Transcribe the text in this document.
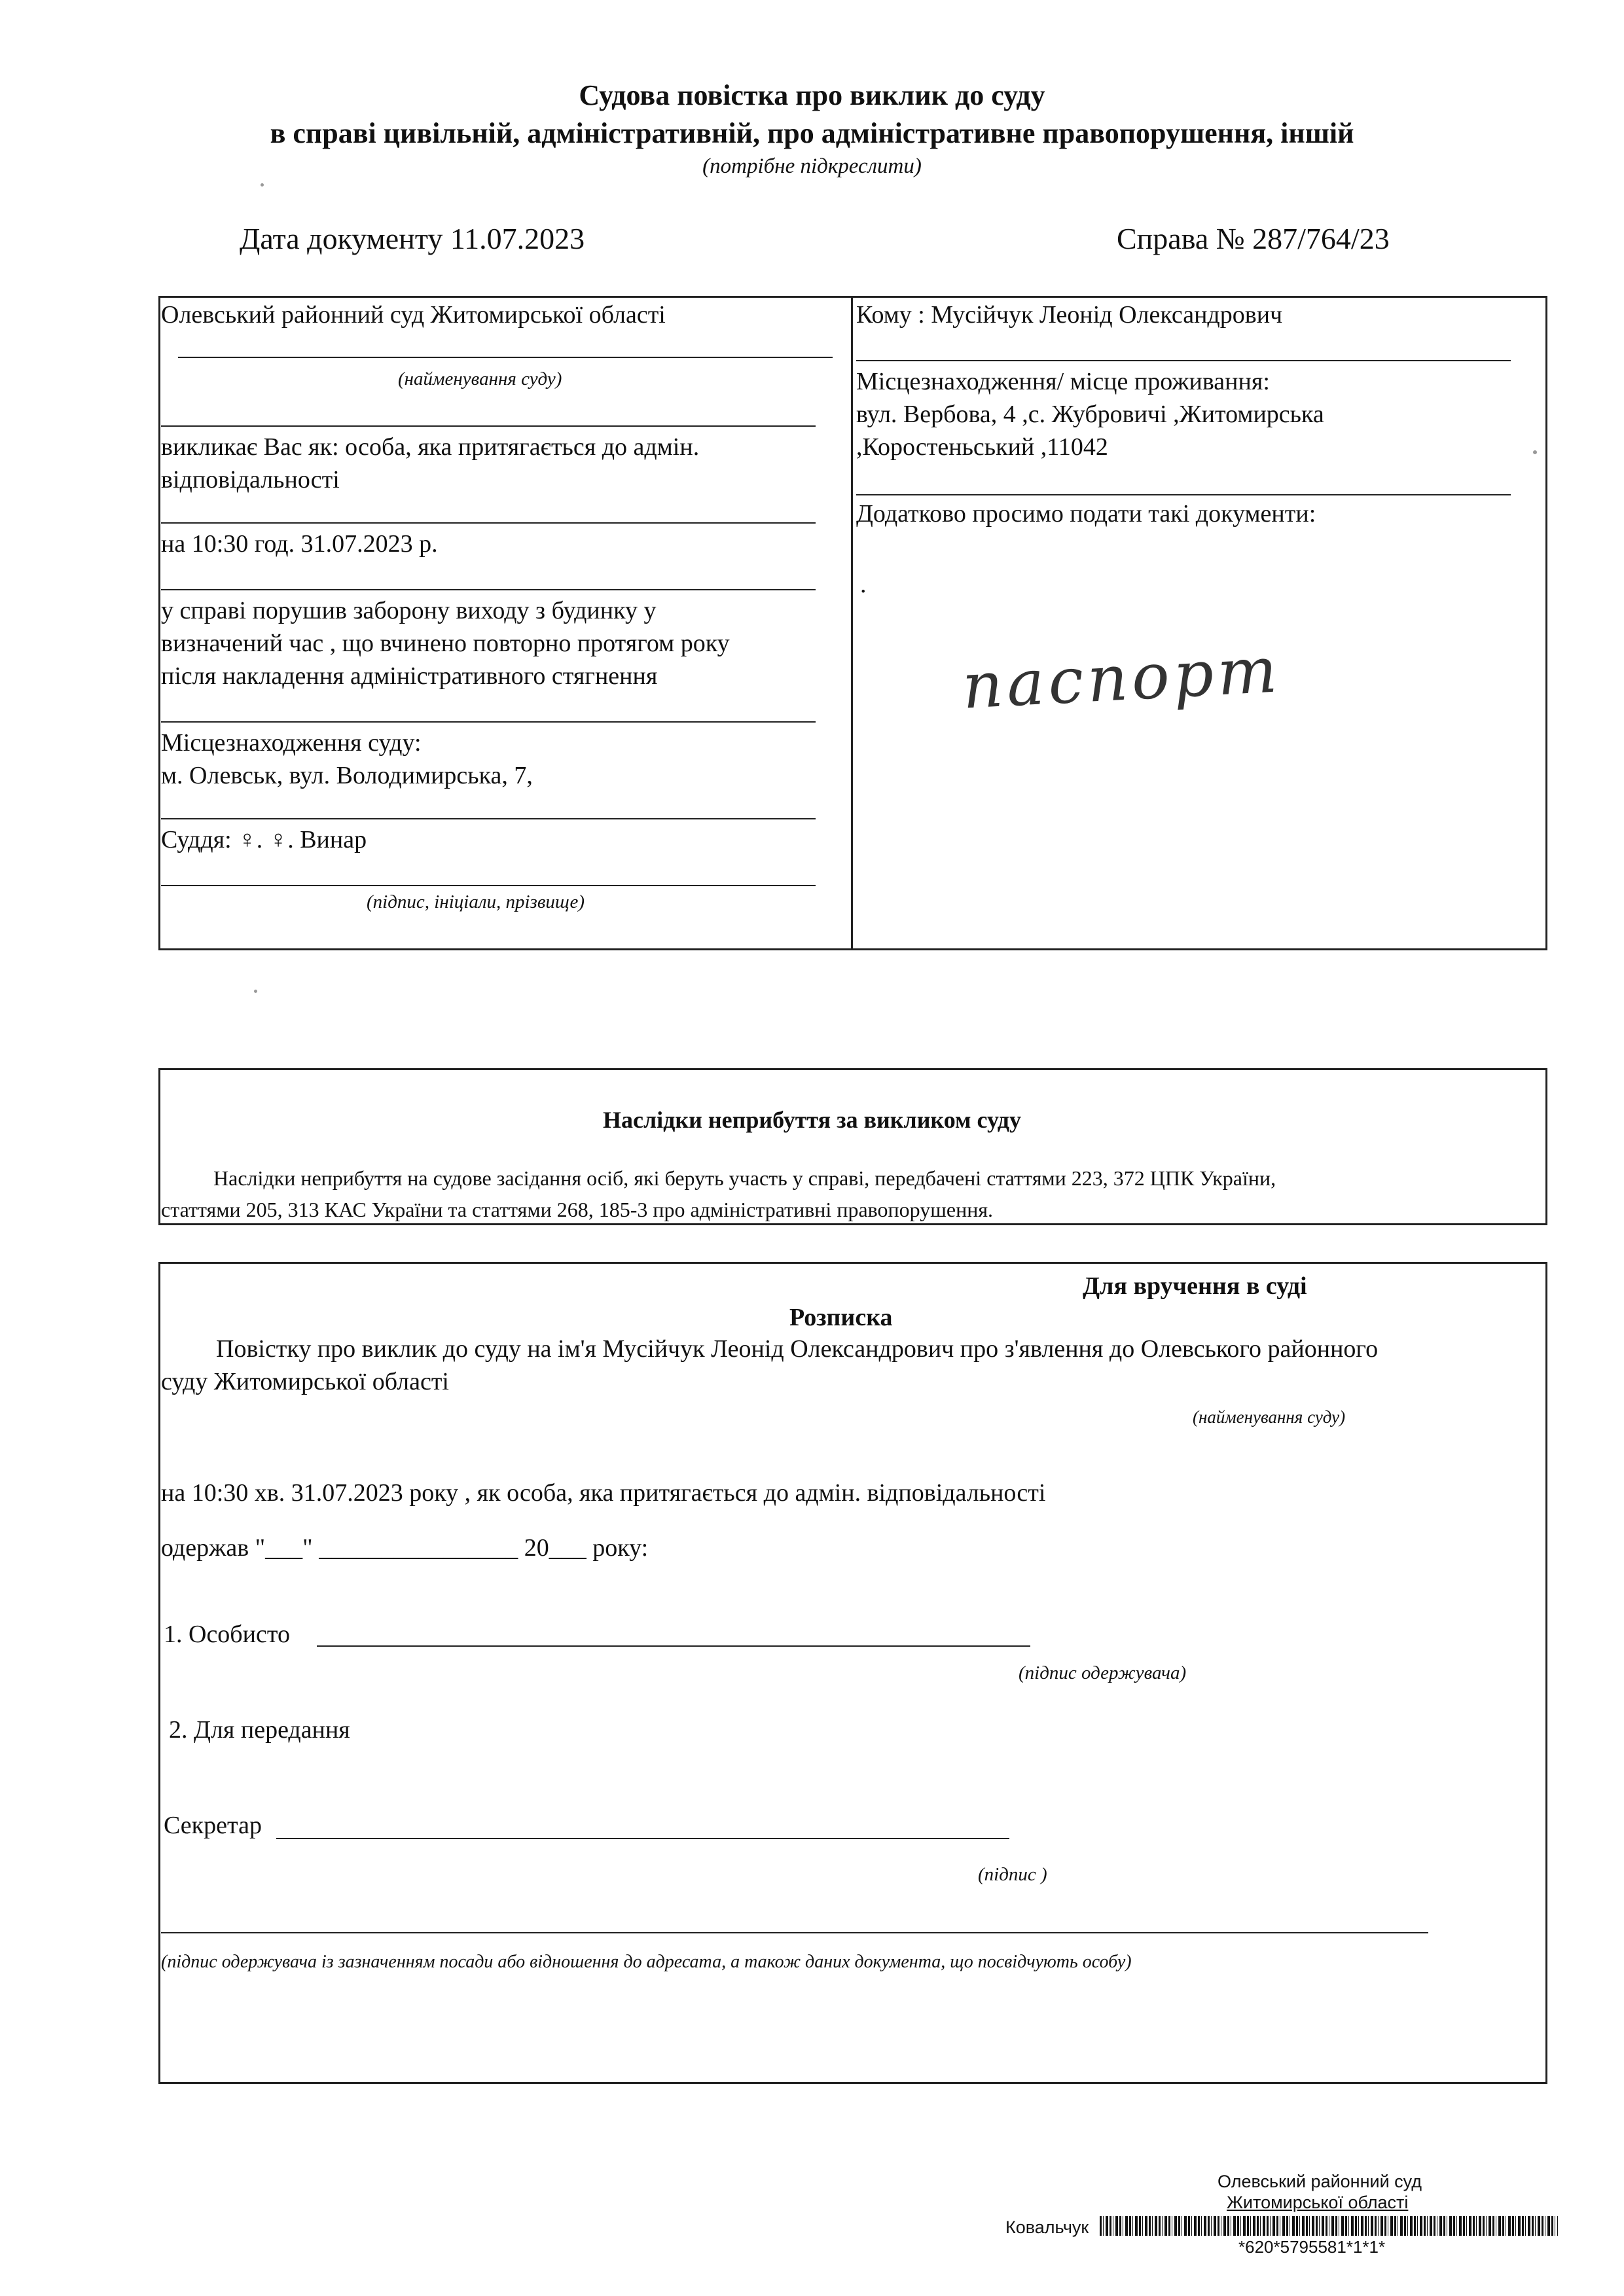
Судова повістка про виклик до суду
в справі цивільній, адміністративній, про адміністративне правопорушення, іншій
(потрібне підкреслити)
Дата документу 11.07.2023	Справа № 287/764/23
Олевський районний суд Житомирської області
(найменування суду)
викликає Вас як: особа, яка притягається до адмін.
відповідальності
на 10:30 год. 31.07.2023 р.
у справі порушив заборону виходу з будинку у
визначений час , що вчинено повторно протягом року
після накладення адміністративного стягнення
Місцезнаходження суду:
м. Олевськ, вул. Володимирська, 7,
Суддя: ♀. ♀. Винар
(підпис, ініціали, прізвище)
Кому : Мусійчук Леонід Олександрович
Місцезнаходження/ місце проживання:
вул. Вербова, 4 ,с. Жубровичі ,Житомирська
,Коростеньський ,11042
Додатково просимо подати такі документи:
.
паспорт
Наслідки неприбуття за викликом суду
Наслідки неприбуття на судове засідання осіб, які беруть участь у справі, передбачені статтями 223, 372 ЦПК України,
статтями 205, 313 КАС України та статтями 268, 185-3 про адміністративні правопорушення.
Для вручення в суді
Розписка
Повістку про виклик до суду на ім'я Мусійчук Леонід Олександрович про з'явлення до Олевського районного
суду Житомирської області
(найменування суду)
на 10:30 хв. 31.07.2023 року , як особа, яка притягається до адмін. відповідальності
одержав "___" ________________ 20___ року:
1. Особисто
(підпис одержувача)
2. Для передання
Секретар
(підпис )
(підпис одержувача із зазначенням посади або відношення до адресата, а також даних документа, що посвідчують особу)
Олевський районний суд
Житомирської області
Ковальчук
*620*5795581*1*1*
